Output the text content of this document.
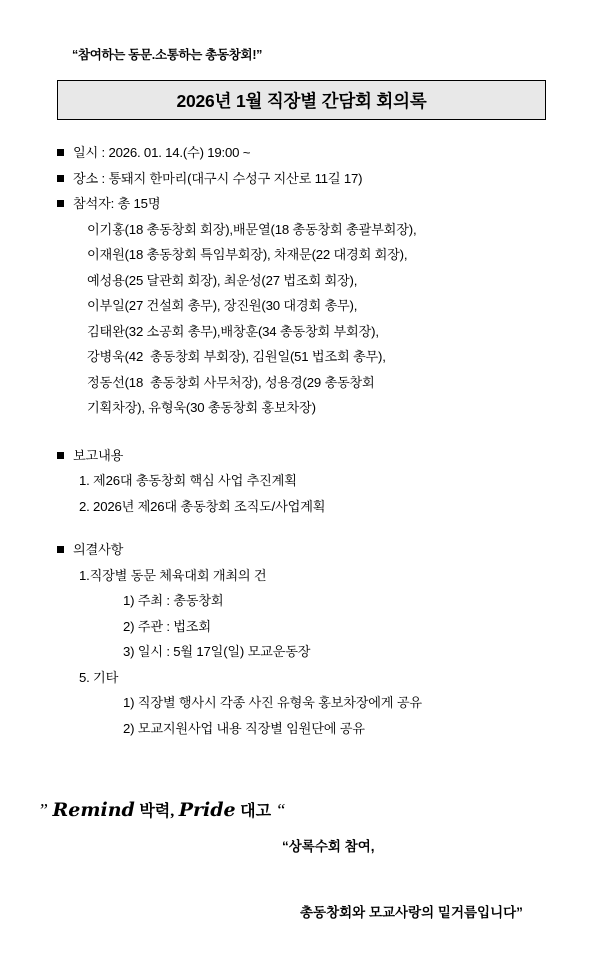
“참여하는 동문.소통하는 총동창회!”
2026년 1월 직장별 간담회 회의록
일시 : 2026. 01. 14.(수) 19:00 ~
장소 : 통돼지 한마리(대구시 수성구 지산로 11길 17)
참석자: 총 15명
이기홍(18 총동창회 회장),배문열(18 총동창회 총괄부회장),
이재원(18 총동창회 특임부회장), 차재문(22 대경회 회장),
예성용(25 달관회 회장), 최운성(27 법조회 회장),
이부일(27 건설회 총무), 장진원(30 대경회 총무),
김태완(32 소공회 총무),배창훈(34 총동창회 부회장),
강병욱(42  총동창회 부회장), 김원일(51 법조회 총무),
정동선(18  총동창회 사무처장), 성용경(29 총동창회
기획차장), 유형욱(30 총동창회 홍보차장)
보고내용
1. 제26대 총동창회 핵심 사업 추진계획
2. 2026년 제26대 총동창회 조직도/사업계획
의결사항
1.직장별 동문 체육대회 개최의 건
1) 주최 : 총동창회
2) 주관 : 법조회
3) 일시 : 5월 17일(일) 모교운동장
5. 기타
1) 직장별 행사시 각종 사진 유형욱 홍보차장에게 공유
2) 모교지원사업 내용 직장별 임원단에 공유
” Remind 박력, Pride 대고 “

“상록수회 참여,

총동창회와 모교사랑의 밑거름입니다”
